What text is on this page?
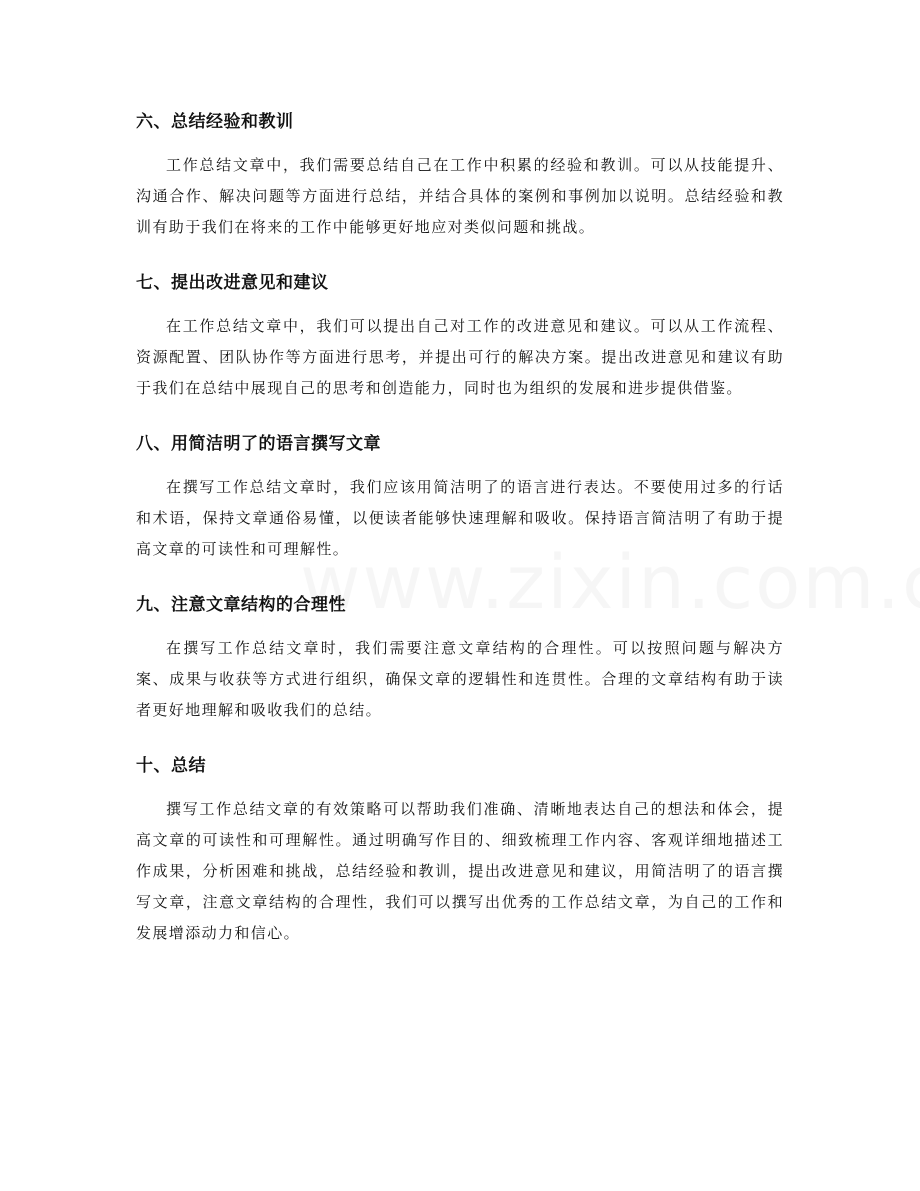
六、总结经验和教训

工作总结文章中，我们需要总结自己在工作中积累的经验和教训。可以从技能提升、沟通合作、解决问题等方面进行总结，并结合具体的案例和事例加以说明。总结经验和教训有助于我们在将来的工作中能够更好地应对类似问题和挑战。

七、提出改进意见和建议

在工作总结文章中，我们可以提出自己对工作的改进意见和建议。可以从工作流程、资源配置、团队协作等方面进行思考，并提出可行的解决方案。提出改进意见和建议有助于我们在总结中展现自己的思考和创造能力，同时也为组织的发展和进步提供借鉴。

八、用简洁明了的语言撰写文章

在撰写工作总结文章时，我们应该用简洁明了的语言进行表达。不要使用过多的行话和术语，保持文章通俗易懂，以便读者能够快速理解和吸收。保持语言简洁明了有助于提高文章的可读性和可理解性。

九、注意文章结构的合理性

在撰写工作总结文章时，我们需要注意文章结构的合理性。可以按照问题与解决方案、成果与收获等方式进行组织，确保文章的逻辑性和连贯性。合理的文章结构有助于读者更好地理解和吸收我们的总结。

十、总结

撰写工作总结文章的有效策略可以帮助我们准确、清晰地表达自己的想法和体会，提高文章的可读性和可理解性。通过明确写作目的、细致梳理工作内容、客观详细地描述工作成果，分析困难和挑战，总结经验和教训，提出改进意见和建议，用简洁明了的语言撰写文章，注意文章结构的合理性，我们可以撰写出优秀的工作总结文章，为自己的工作和发展增添动力和信心。
